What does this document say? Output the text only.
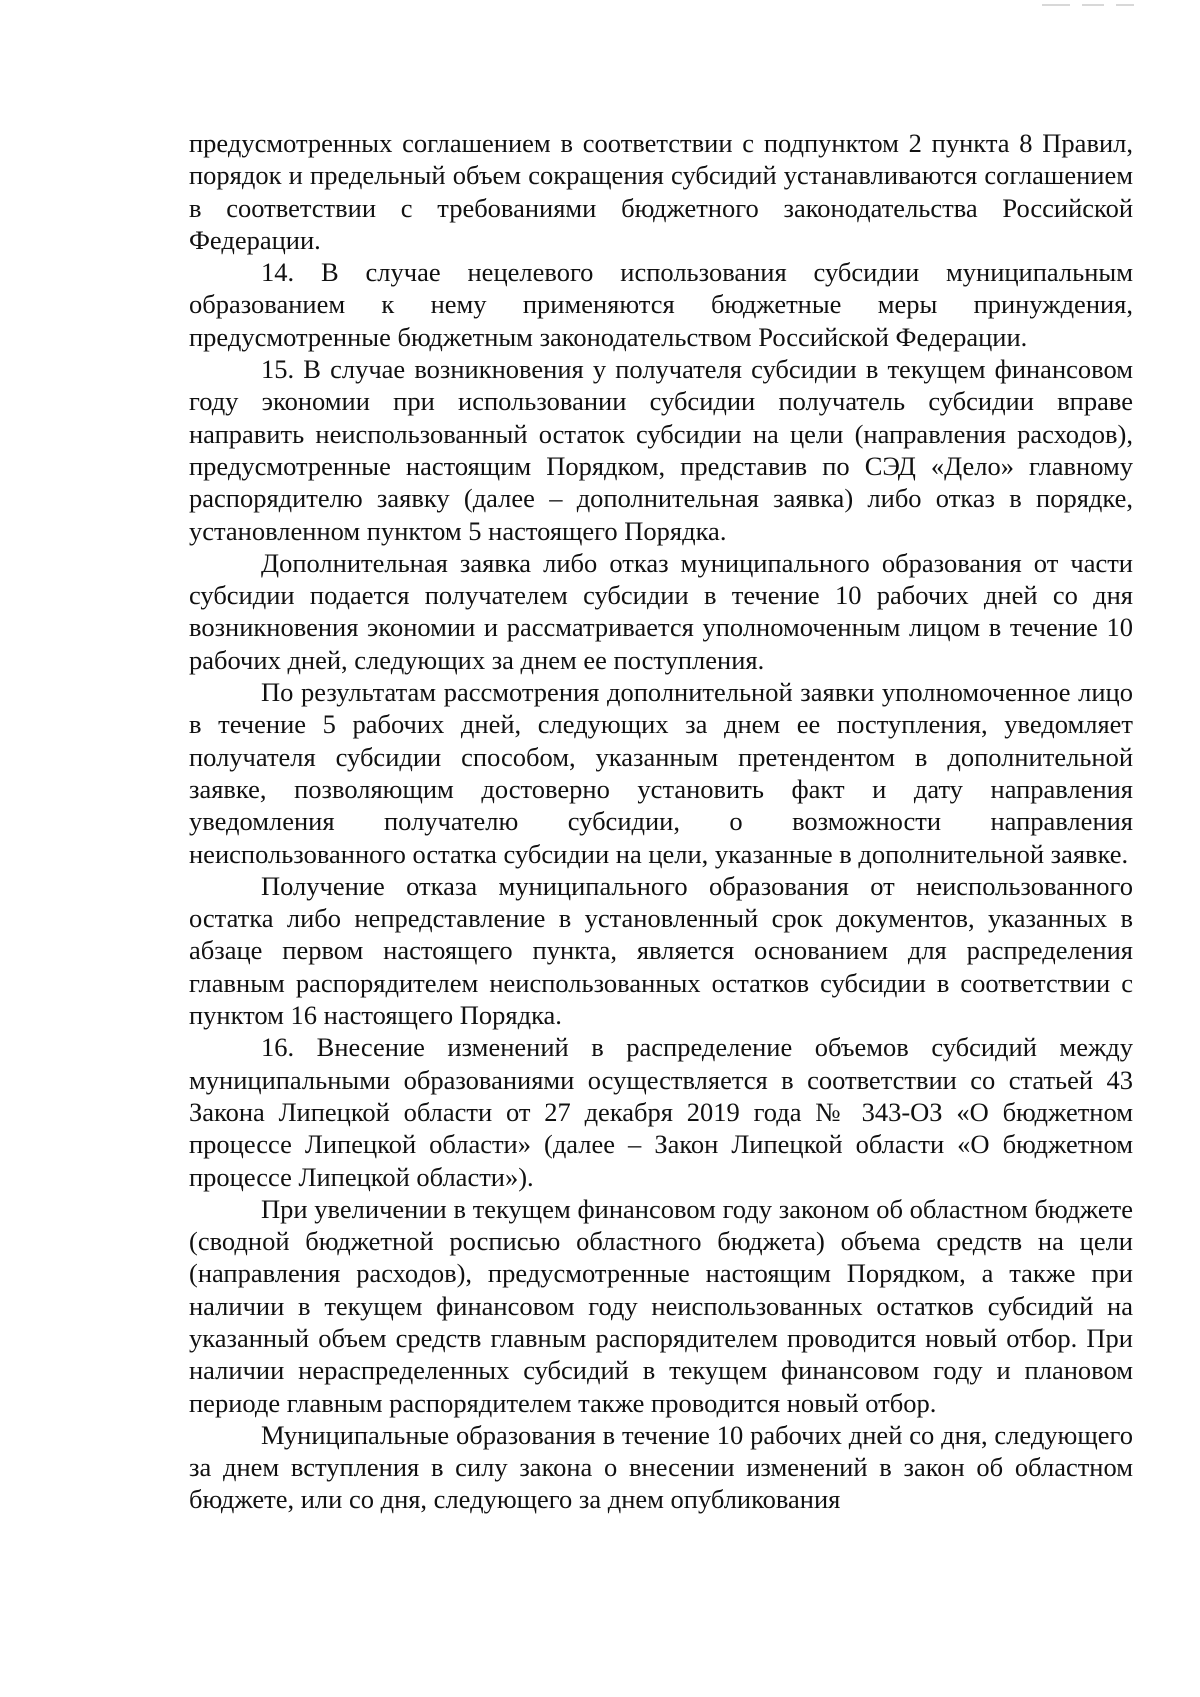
предусмотренных соглашением в соответствии с подпунктом 2 пункта 8 Правил, порядок и предельный объем сокращения субсидий устанавливаются соглашением в соответствии с требованиями бюджетного законодательства Российской Федерации.

14. В случае нецелевого использования субсидии муниципальным образованием к нему применяются бюджетные меры принуждения, предусмотренные бюджетным законодательством Российской Федерации.

15. В случае возникновения у получателя субсидии в текущем финансовом году экономии при использовании субсидии получатель субсидии вправе направить неиспользованный остаток субсидии на цели (направления расходов), предусмотренные настоящим Порядком, представив по СЭД «Дело» главному распорядителю заявку (далее – дополнительная заявка) либо отказ в порядке, установленном пунктом 5 настоящего Порядка.

Дополнительная заявка либо отказ муниципального образования от части субсидии подается получателем субсидии в течение 10 рабочих дней со дня возникновения экономии и рассматривается уполномоченным лицом в течение 10 рабочих дней, следующих за днем ее поступления.

По результатам рассмотрения дополнительной заявки уполномоченное лицо в течение 5 рабочих дней, следующих за днем ее поступления, уведомляет получателя субсидии способом, указанным претендентом в дополнительной заявке, позволяющим достоверно установить факт и дату направления уведомления получателю субсидии, о возможности направления неиспользованного остатка субсидии на цели, указанные в дополнительной заявке.

Получение отказа муниципального образования от неиспользованного остатка либо непредставление в установленный срок документов, указанных в абзаце первом настоящего пункта, является основанием для распределения главным распорядителем неиспользованных остатков субсидии в соответствии с пунктом 16 настоящего Порядка.

16. Внесение изменений в распределение объемов субсидий между муниципальными образованиями осуществляется в соответствии со статьей 43 Закона Липецкой области от 27 декабря 2019 года № 343-ОЗ «О бюджетном процессе Липецкой области» (далее – Закон Липецкой области «О бюджетном процессе Липецкой области»).

При увеличении в текущем финансовом году законом об областном бюджете (сводной бюджетной росписью областного бюджета) объема средств на цели (направления расходов), предусмотренные настоящим Порядком, а также при наличии в текущем финансовом году неиспользованных остатков субсидий на указанный объем средств главным распорядителем проводится новый отбор. При наличии нераспределенных субсидий в текущем финансовом году и плановом периоде главным распорядителем также проводится новый отбор.

Муниципальные образования в течение 10 рабочих дней со дня, следующего за днем вступления в силу закона о внесении изменений в закон об областном бюджете, или со дня, следующего за днем опубликования
